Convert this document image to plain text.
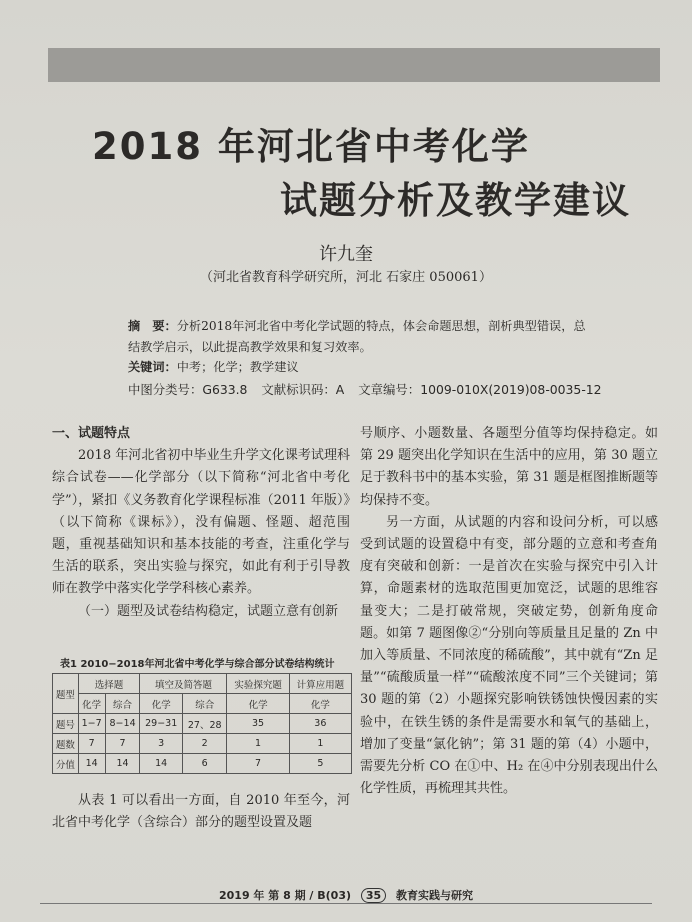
2018 年河北省中考化学
试题分析及教学建议
许九奎
（河北省教育科学研究所，河北 石家庄 050061）
摘　要：分析2018年河北省中考化学试题的特点，体会命题思想，剖析典型错误，总
结教学启示，以此提高教学效果和复习效率。
关键词：中考；化学；教学建议
中图分类号：G633.8 文献标识码：A 文章编号：1009-010X(2019)08-0035-12
一、试题特点

2018 年河北省初中毕业生升学文化课考试理科综合试卷——化学部分（以下简称“河北省中考化学”），紧扣《义务教育化学课程标准（2011 年版）》（以下简称《课标》），没有偏题、怪题、超范围题，重视基础知识和基本技能的考查，注重化学与生活的联系，突出实验与探究，如此有利于引导教师在教学中落实化学学科核心素养。

（一）题型及试卷结构稳定，试题立意有创新
表1 2010−2018年河北省中考化学与综合部分试卷结构统计
题型	选择题		填空及简答题		实验探究题	计算应用题
	化学	综合	化学	综合	化学	化学
题号	1−7	8−14	29−31	27、28	35	36
题数	7	7	3	2	1	1
分值	14	14	14	6	7	5

从表 1 可以看出一方面，自 2010 年至今，河北省中考化学（含综合）部分的题型设置及题

号顺序、小题数量、各题型分值等均保持稳定。如第 29 题突出化学知识在生活中的应用，第 30 题立足于教科书中的基本实验，第 31 题是框图推断题等均保持不变。

另一方面，从试题的内容和设问分析，可以感受到试题的设置稳中有变，部分题的立意和考查角度有突破和创新：一是首次在实验与探究中引入计算，命题素材的选取范围更加宽泛，试题的思维容量变大；二是打破常规，突破定势，创新角度命题。如第 7 题图像②“分别向等质量且足量的 Zn 中加入等质量、不同浓度的稀硫酸”，其中就有“Zn 足量”“硫酸质量一样”“硫酸浓度不同”三个关键词；第 30 题的第（2）小题探究影响铁锈蚀快慢因素的实验中，在铁生锈的条件是需要水和氧气的基础上，增加了变量“氯化钠”；第 31 题的第（4）小题中，需要先分析 CO 在①中、H₂ 在④中分别表现出什么化学性质，再梳理其共性。

2019 年 第 8 期 / B(03) 35 教育实践与研究
